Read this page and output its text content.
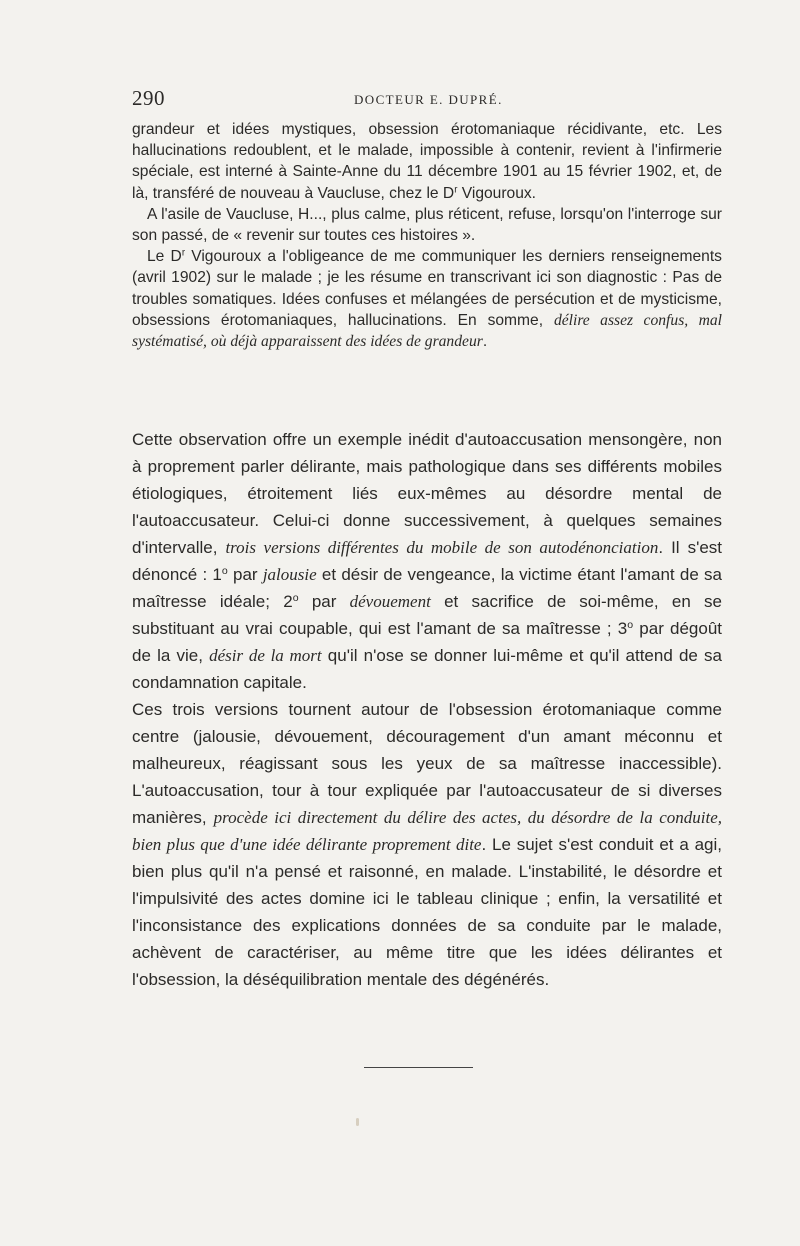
290	DOCTEUR E. DUPRÉ.

grandeur et idées mystiques, obsession érotomaniaque récidivante, etc. Les hallucinations redoublent, et le malade, impossible à contenir, revient à l'infirmerie spéciale, est interné à Sainte-Anne du 11 décembre 1901 au 15 février 1902, et, de là, transféré de nouveau à Vaucluse, chez le $D^r$ Vigouroux.

A l'asile de Vaucluse, H..., plus calme, plus réticent, refuse, lorsqu'on l'interroge sur son passé, de « revenir sur toutes ces histoires ».

Le $D^r$ Vigouroux a l'obligeance de me communiquer les derniers renseignements (avril 1902) sur le malade ; je les résume en transcrivant ici son diagnostic : Pas de troubles somatiques. Idées confuses et mélangées de persécution et de mysticisme, obsessions érotomaniaques, hallucinations. En somme, délire assez confus, mal systématisé, où déjà apparaissent des idées de grandeur.

Cette observation offre un exemple inédit d'autoaccusation mensongère, non à proprement parler délirante, mais pathologique dans ses différents mobiles étiologiques, étroitement liés eux-mêmes au désordre mental de l'autoaccusateur. Celui-ci donne successivement, à quelques semaines d'intervalle, trois versions différentes du mobile de son autodénonciation. Il s'est dénoncé : 1$^o$ par jalousie et désir de vengeance, la victime étant l'amant de sa maîtresse idéale; 2$^o$ par dévouement et sacrifice de soi-même, en se substituant au vrai coupable, qui est l'amant de sa maîtresse ; 3$^o$ par dégoût de la vie, désir de la mort qu'il n'ose se donner lui-même et qu'il attend de sa condamnation capitale.

Ces trois versions tournent autour de l'obsession érotomaniaque comme centre (jalousie, dévouement, découragement d'un amant méconnu et malheureux, réagissant sous les yeux de sa maîtresse inaccessible). L'autoaccusation, tour à tour expliquée par l'autoaccusateur de si diverses manières, procède ici directement du délire des actes, du désordre de la conduite, bien plus que d'une idée délirante proprement dite. Le sujet s'est conduit et a agi, bien plus qu'il n'a pensé et raisonné, en malade. L'instabilité, le désordre et l'impulsivité des actes domine ici le tableau clinique ; enfin, la versatilité et l'inconsistance des explications données de sa conduite par le malade, achèvent de caractériser, au même titre que les idées délirantes et l'obsession, la déséquilibration mentale des dégénérés.
